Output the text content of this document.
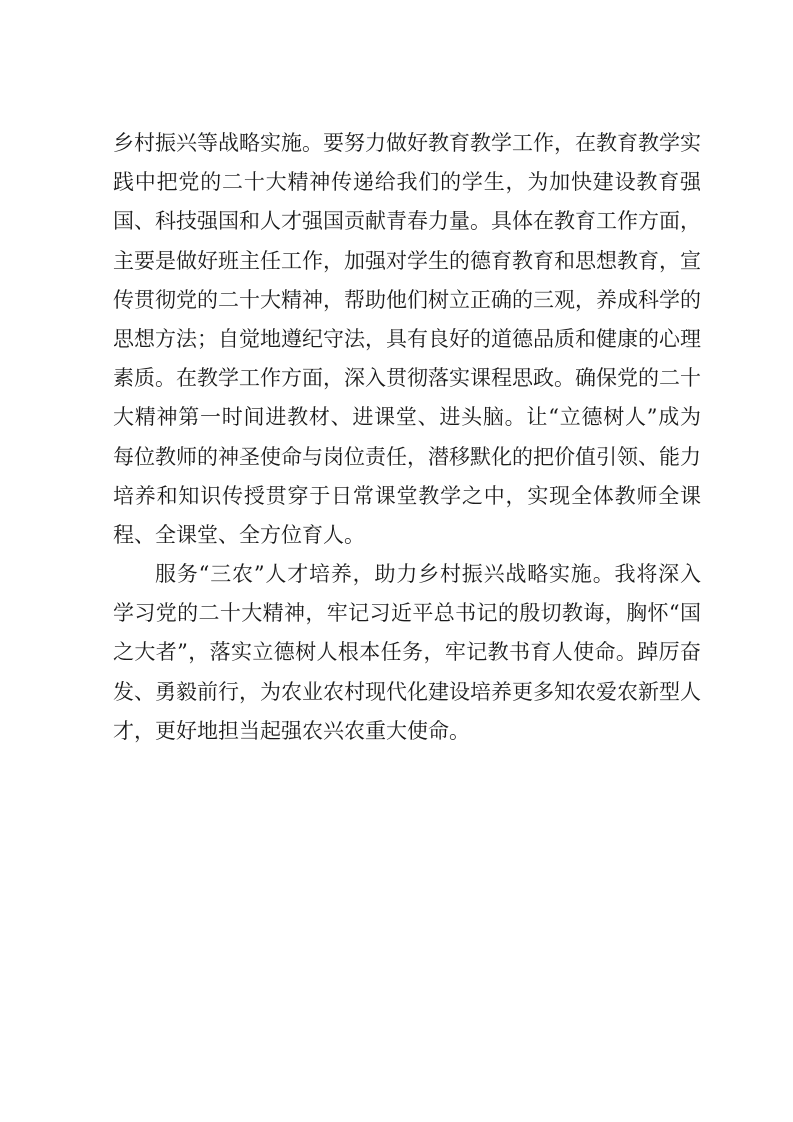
乡村振兴等战略实施。要努力做好教育教学工作，在教育教学实
践中把党的二十大精神传递给我们的学生，为加快建设教育强
国、科技强国和人才强国贡献青春力量。具体在教育工作方面，
主要是做好班主任工作，加强对学生的德育教育和思想教育，宣
传贯彻党的二十大精神，帮助他们树立正确的三观，养成科学的
思想方法；自觉地遵纪守法，具有良好的道德品质和健康的心理
素质。在教学工作方面，深入贯彻落实课程思政。确保党的二十
大精神第一时间进教材、进课堂、进头脑。让“立德树人”成为
每位教师的神圣使命与岗位责任，潜移默化的把价值引领、能力
培养和知识传授贯穿于日常课堂教学之中，实现全体教师全课
程、全课堂、全方位育人。
服务“三农”人才培养，助力乡村振兴战略实施。我将深入
学习党的二十大精神，牢记习近平总书记的殷切教诲，胸怀“国
之大者”，落实立德树人根本任务，牢记教书育人使命。踔厉奋
发、勇毅前行，为农业农村现代化建设培养更多知农爱农新型人
才，更好地担当起强农兴农重大使命。
